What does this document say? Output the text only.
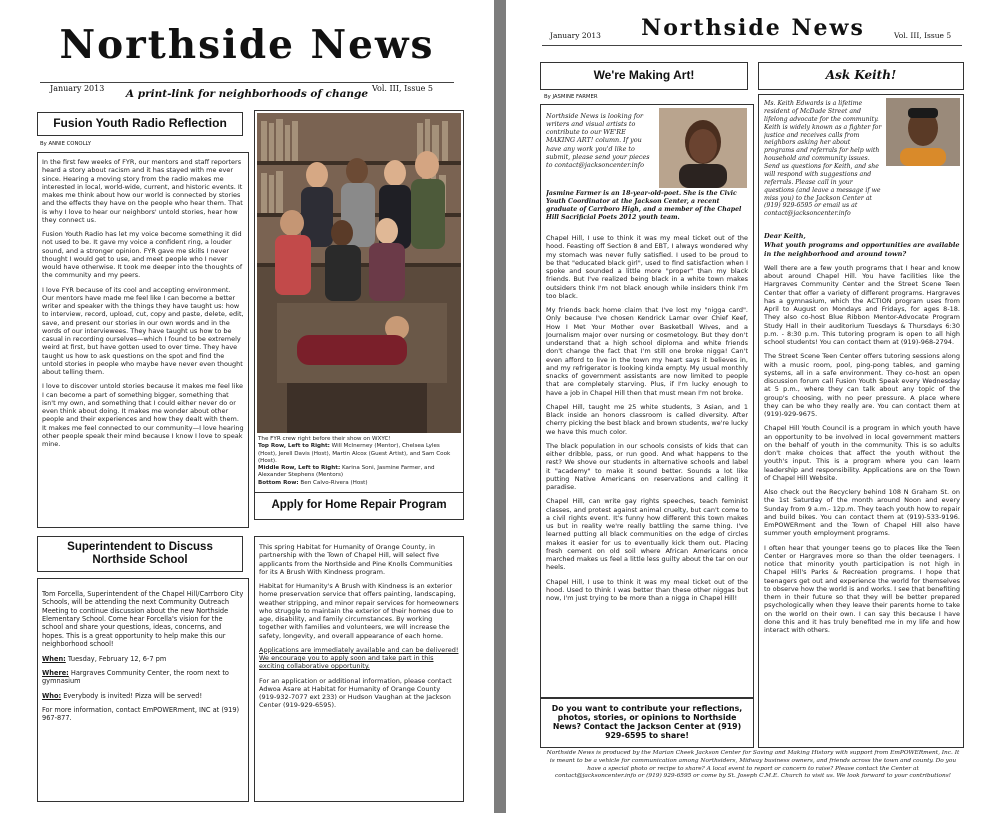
Northside News
January 2013	A print-link for neighborhoods of change Vol. III, Issue 5
Fusion Youth Radio Reflection
By ANNIE CONOLLY

In the first few weeks of FYR, our mentors and staff reporters heard a story about racism and it has stayed with me ever since. Hearing a moving story from the radio makes me interested in local, world-wide, current, and historic events. It makes me think about how our world is connected by stories and the effects they have on the people who hear them. That is why I love to hear our neighbors' untold stories, hear how they connect us.

Fusion Youth Radio has let my voice become something it did not used to be. It gave my voice a confident ring, a louder sound, and a stronger opinion. FYR gave me skills I never thought I would get to use, and meet people who I never would have otherwise. It took me deeper into the thoughts of the community and my peers.

I love FYR because of its cool and accepting environment. Our mentors have made me feel like I can become a better writer and speaker with the things they have taught us: how to interview, record, upload, cut, copy and paste, delete, edit, save, and present our stories in our own words and in the words of our interviewees. They have taught us how to be casual in recording ourselves—which I found to be extremely weird at first, but have gotten used to over time. They have taught us how to ask questions on the spot and find the untold stories in people who maybe have never even thought about telling them.

I love to discover untold stories because it makes me feel like I can become a part of something bigger, something that isn't my own, and something that I could either never do or even think about doing. It makes me wonder about other people and their experiences and how they dealt with them. It makes me feel connected to our community—I love hearing other people speak their mind because I know I love to speak mine.

The FYR crew right before their show on WXYC!
Top Row, Left to Right: Will McInerney (Mentor), Chelsea Lyles (Host), Jerell Davis (Host), Martin Alcox (Guest Artist), and Sam Cook (Host).
Middle Row, Left to Right: Karina Soni, Jasmine Farmer, and Alexander Stephens (Mentors)
Bottom Row: Ben Calvo-Rivera (Host)
Superintendent to Discuss Northside School

Tom Forcella, Superintendent of the Chapel Hill/Carrboro City Schools, will be attending the next Community Outreach Meeting to continue discussion about the new Northside Elementary School. Come hear Forcella's vision for the school and share your questions, ideas, concerns, and hopes. This is a great opportunity to help make this our neighborhood school!

When: Tuesday, February 12, 6-7 pm

Where: Hargraves Community Center, the room next to gymnasium

Who: Everybody is invited! Pizza will be served!

For more information, contact EmPOWERment, INC at (919) 967-877.

Apply for Home Repair Program

This spring Habitat for Humanity of Orange County, in partnership with the Town of Chapel Hill, will select five applicants from the Northside and Pine Knolls Communities for its A Brush With Kindness program.

Habitat for Humanity's A Brush with Kindness is an exterior home preservation service that offers painting, landscaping, weather stripping, and minor repair services for homeowners who struggle to maintain the exterior of their homes due to age, disability, and family circumstances. By working together with families and volunteers, we will increase the safety, longevity, and overall appearance of each home.

Applications are immediately available and can be delivered! We encourage you to apply soon and take part in this exciting collaborative opportunity.

For an application or additional information, please contact Adwoa Asare at Habitat for Humanity of Orange County (919-932-7077 ext 233) or Hudson Vaughan at the Jackson Center (919-929-6595).

Northside News
January 2013	Vol. III, Issue 5
We're Making Art!
By JASMINE FARMER
Northside News is looking for writers and visual artists to contribute to our WE'RE MAKING ART! column. If you have any work you'd like to submit, please send your pieces to contact@jacksoncenter.info
Jasmine Farmer is an 18-year-old-poet. She is the Civic Youth Coordinator at the Jackson Center, a recent graduate of Carrboro High, and a member of the Chapel Hill Sacrificial Poets 2012 youth team.

Chapel Hill, I use to think it was my meal ticket out of the hood. Feasting off Section 8 and EBT, I always wondered why my stomach was never fully satisfied. I used to be proud to be that "educated black girl", used to find satisfaction when I spoke and sounded a little more "proper" than my black friends. But I've realized being black in a white town makes outsiders think I'm not black enough while insiders think I'm too black.

My friends back home claim that I've lost my "nigga card". Only because I've chosen Kendrick Lamar over Chief Keef, How I Met Your Mother over Basketball Wives, and a Journalism major over nursing or cosmetology. But they don't understand that a high school diploma and white friends don't change the fact that I'm still one broke nigga! Can't even afford to live in the town my heart says it believes in, and my refrigerator is looking kinda empty. My usual monthly snacks of government assistants are now limited to people that are completely starving. Plus, if I'm lucky enough to have a job in Chapel Hill then that must mean I'm not broke.

Chapel Hill, taught me 25 white students, 3 Asian, and 1 Black inside an honors classroom is called diversity. After cherry picking the best black and brown students, we're lucky we have this much color.

The black population in our schools consists of kids that can either dribble, pass, or run good. And what happens to the rest? We shove our students in alternative schools and label it "academy" to make it sound better. Sounds a lot like putting Native Americans on reservations and calling it paradise.

Chapel Hill, can write gay rights speeches, teach feminist classes, and protest against animal cruelty, but can't come to a civil rights event. It's funny how different this town makes us but in reality we're really battling the same thing. I've learned putting all black communities on the edge of circles makes it easier for us to eventually kick them out. Placing fresh cement on old soil where African Americans once marched makes us feel a little less guilty about the tar on our heels.

Chapel Hill, I use to think it was my meal ticket out of the hood. Used to think I was better than these other niggas but now, I'm just trying to be more than a nigga in Chapel Hill!

Do you want to contribute your reflections, photos, stories, or opinions to Northside News? Contact the Jackson Center at (919) 929-6595 to share!
Ask Keith!
Ms. Keith Edwards is a lifetime resident of McDade Street and lifelong advocate for the community. Keith is widely known as a fighter for justice and receives calls from neighbors asking her about programs and referrals for help with household and community issues. Send us questions for Keith, and she will respond with suggestions and referrals. Please call in your questions (and leave a message if we miss you) to the Jackson Center at (919) 929-6595 or email us at contact@jacksoncenter.info

Dear Keith,

What youth programs and opportunities are available in the neighborhood and around town?

Well there are a few youth programs that I hear and know about around Chapel Hill. You have facilities like the Hargraves Community Center and the Street Scene Teen Center that offer a variety of different programs. Hargraves has a gymnasium, which the ACTION program uses from April to August on Mondays and Fridays, for ages 8-18. They also co-host Blue Ribbon Mentor-Advocate Program Study Hall in their auditorium Tuesdays & Thursdays 6:30 p.m. - 8:30 p.m. This tutoring program is open to all high school students! You can contact them at (919)-968-2794.

The Street Scene Teen Center offers tutoring sessions along with a music room, pool, ping-pong tables, and gaming systems, all in a safe environment. They co-host an open discussion forum call Fusion Youth Speak every Wednesday at 5 p.m., where they can talk about any topic of the group's choosing, with no peer pressure. A place where they can be who they really are. You can contact them at (919)-929-9675.

Chapel Hill Youth Council is a program in which youth have an opportunity to be involved in local government matters on the behalf of youth in the community. This is so adults don't make choices that affect the youth without the youth's input. This is a program where you can learn leadership and responsibility. Applications are on the Town of Chapel Hill Website.

Also check out the Recyclery behind 108 N Graham St. on the 1st Saturday of the month around Noon and every Sunday from 9 a.m.- 12p.m. They teach youth how to repair and build bikes. You can contact them at (919)-533-9196. EmPOWERment and the Town of Chapel Hill also have summer youth employment programs.

I often hear that younger teens go to places like the Teen Center or Hargraves more so than the older teenagers. I notice that minority youth participation is not high in Chapel Hill's Parks & Recreation programs. I hope that teenagers get out and experience the world for themselves to observe how the world is and works. I see that benefiting them in their future so that they will be better prepared psychologically when they leave their parents home to take on the world on their own. I can say this because I have done this and it has truly benefited me in my life and how interact with others.

Northside News is produced by the Marian Cheek Jackson Center for Saving and Making History with support from EmPOWERment, Inc. It is meant to be a vehicle for communication among Northsiders, Midway business owners, and friends across the town and county. Do you have a special photo or recipe to share? A local event to report or concern to raise? Please contact the Center at contact@jacksoncenter.info or (919) 929-6595 or come by St. Joseph C.M.E. Church to visit us. We look forward to your contributions!
